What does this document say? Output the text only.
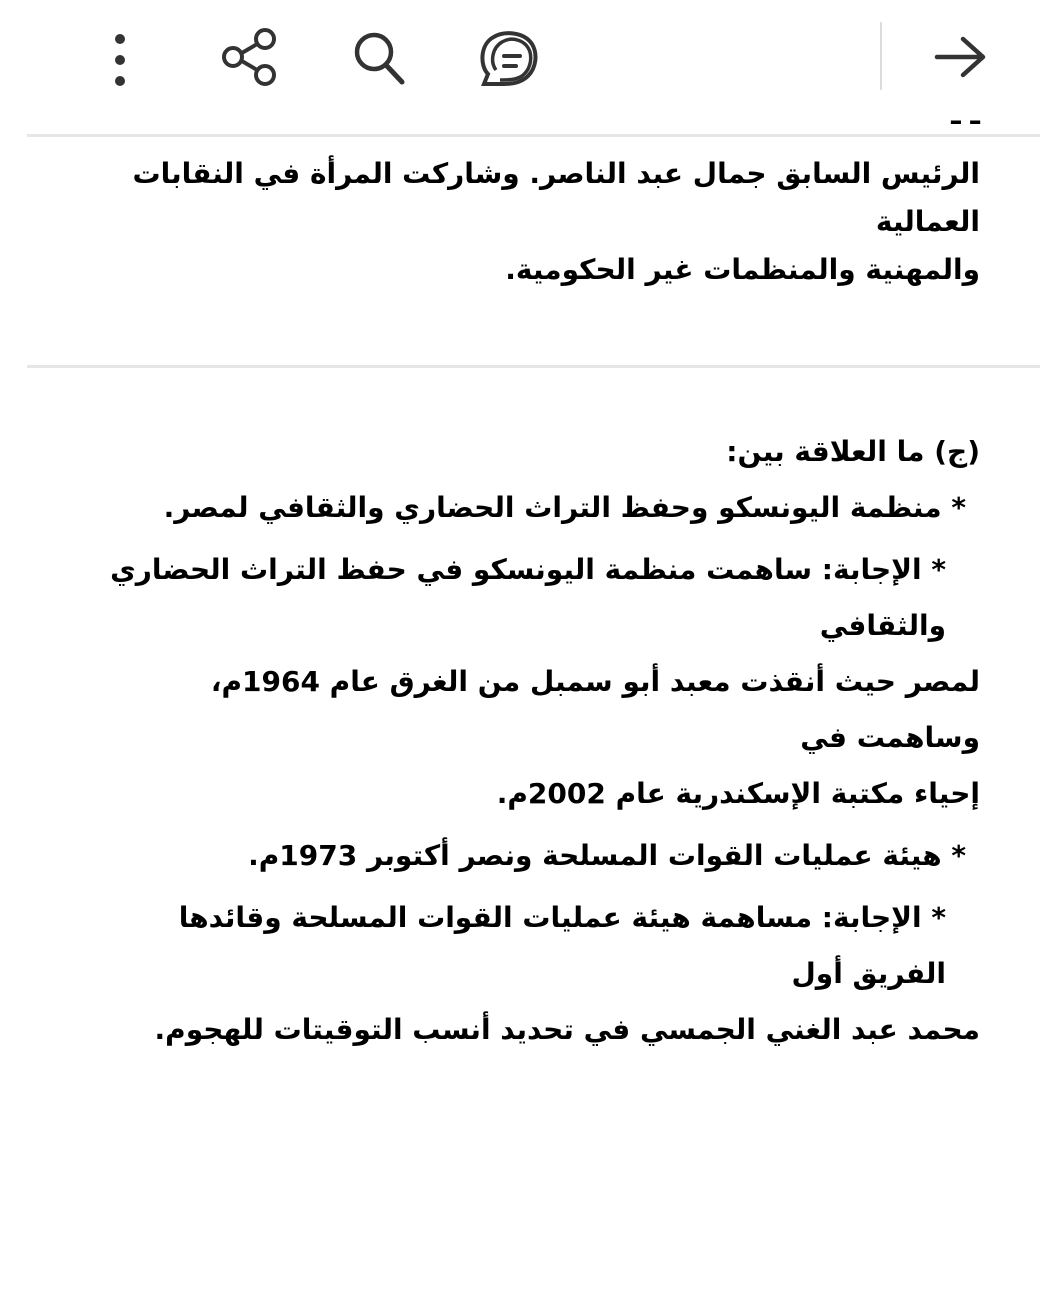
ـ ـ
الرئيس السابق جمال عبد الناصر. وشاركت المرأة في النقابات العمالية
والمهنية والمنظمات غير الحكومية.

(ج) ما العلاقة بين:

* منظمة اليونسكو وحفظ التراث الحضاري والثقافي لمصر.

* الإجابة: ساهمت منظمة اليونسكو في حفظ التراث الحضاري والثقافي

لمصر حيث أنقذت معبد أبو سمبل من الغرق عام 1964م، وساهمت في

إحياء مكتبة الإسكندرية عام 2002م.

* هيئة عمليات القوات المسلحة ونصر أكتوبر 1973م.

* الإجابة: مساهمة هيئة عمليات القوات المسلحة وقائدها الفريق أول

محمد عبد الغني الجمسي في تحديد أنسب التوقيتات للهجوم.
